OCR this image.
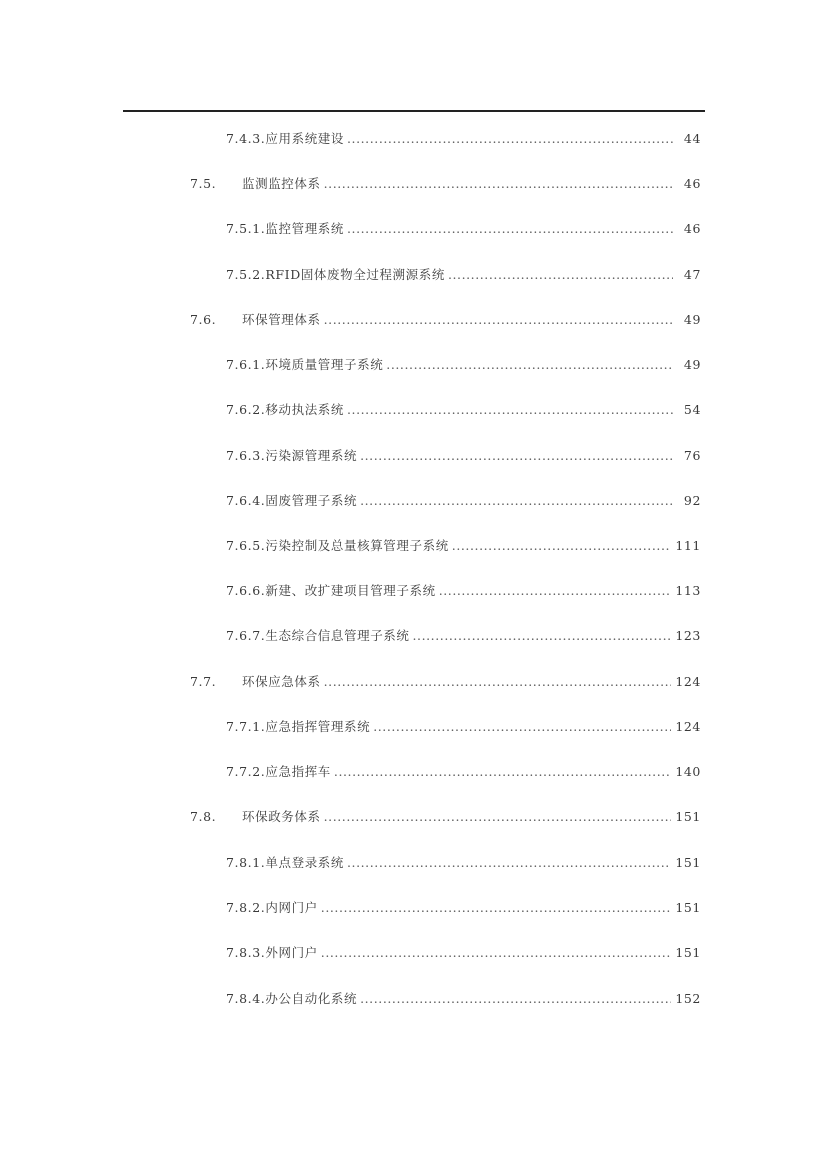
7.4.3. 应用系统建设 . . .	44
7.5.	监测监控体系 . . .	46
7.5.1. 监控管理系统 . . .	46
7.5.2. RFID固体废物全过程溯源系统 . . .	47
7.6.	环保管理体系 . . .	49
7.6.1. 环境质量管理子系统 . . .	49
7.6.2. 移动执法系统 . . .	54
7.6.3. 污染源管理系统 . . .	76
7.6.4. 固废管理子系统 . . .	92
7.6.5. 污染控制及总量核算管理子系统 . . .	111
7.6.6. 新建、改扩建项目管理子系统 . . .	113
7.6.7. 生态综合信息管理子系统 . . .	123
7.7.	环保应急体系 . . .	124
7.7.1. 应急指挥管理系统 . . .	124
7.7.2. 应急指挥车 . . .	140
7.8.	环保政务体系 . . .	151
7.8.1. 单点登录系统 . . .	151
7.8.2. 内网门户 . . .	151
7.8.3. 外网门户 . . .	151
7.8.4. 办公自动化系统 . . .	152
